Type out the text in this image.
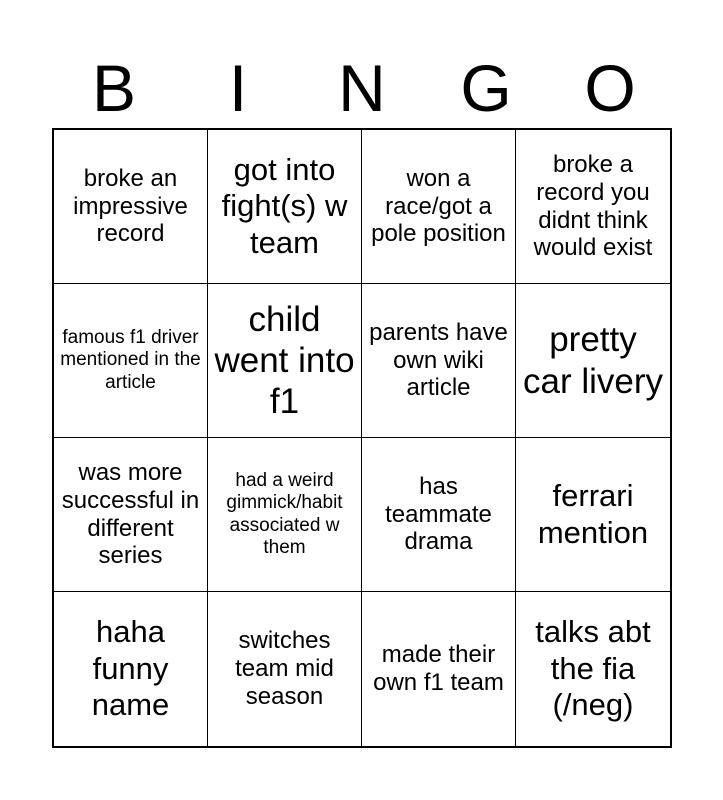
B	I	N	G	O
broke an impressive record
got into fight(s) w team
won a race/got a pole position
broke a record you didnt think would exist
famous f1 driver mentioned in the article
child went into f1
parents have own wiki article
pretty car livery
was more successful in different series
had a weird gimmick/habit associated w them
has teammate drama
ferrari mention
haha funny name
switches team mid season
made their own f1 team
talks abt the fia (/neg)
